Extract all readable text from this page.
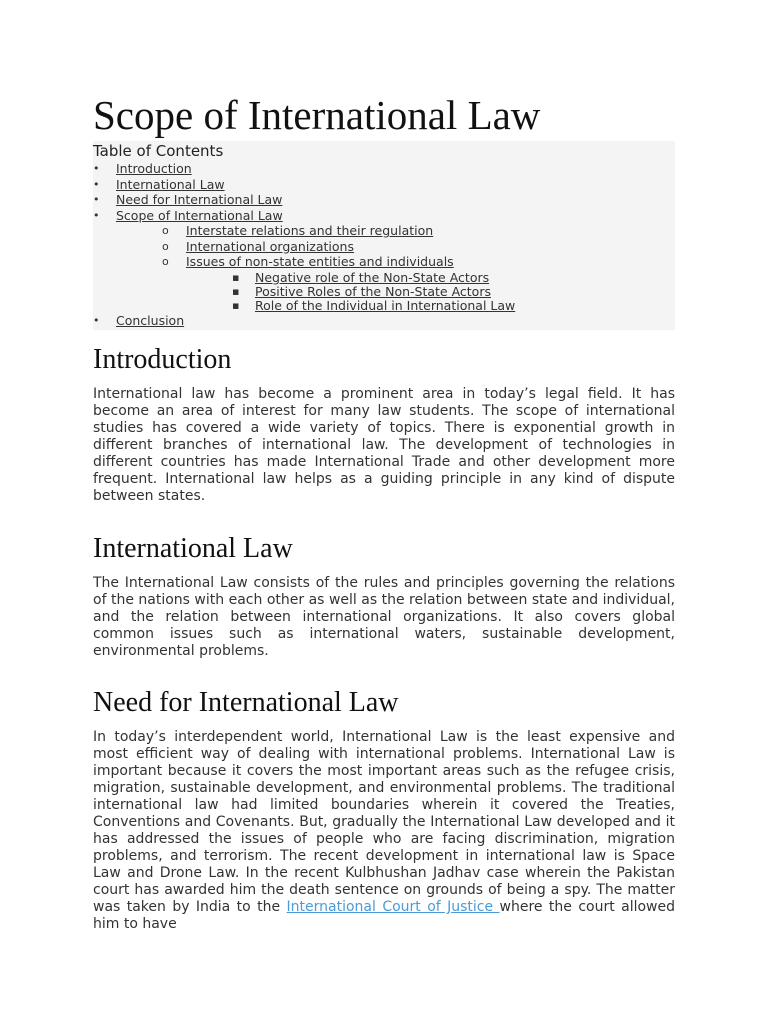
Scope of International Law
Table of Contents
• Introduction
• International Law
• Need for International Law
• Scope of International Law
o Interstate relations and their regulation
o International organizations
o Issues of non-state entities and individuals
▪ Negative role of the Non-State Actors
▪ Positive Roles of the Non-State Actors
▪ Role of the Individual in International Law
• Conclusion
Introduction

International law has become a prominent area in today’s legal field. It has become an area of interest for many law students. The scope of international studies has covered a wide variety of topics. There is exponential growth in different branches of international law. The development of technologies in different countries has made International Trade and other development more frequent. International law helps as a guiding principle in any kind of dispute between states.

International Law

The International Law consists of the rules and principles governing the relations of the nations with each other as well as the relation between state and individual, and the relation between international organizations. It also covers global common issues such as international waters, sustainable development, environmental problems.

Need for International Law

In today’s interdependent world, International Law is the least expensive and most efficient way of dealing with international problems. International Law is important because it covers the most important areas such as the refugee crisis, migration, sustainable development, and environmental problems. The traditional international law had limited boundaries wherein it covered the Treaties, Conventions and Covenants. But, gradually the International Law developed and it has addressed the issues of people who are facing discrimination, migration problems, and terrorism. The recent development in international law is Space Law and Drone Law. In the recent Kulbhushan Jadhav case wherein the Pakistan court has awarded him the death sentence on grounds of being a spy. The matter was taken by India to the International Court of Justice where the court allowed him to have
